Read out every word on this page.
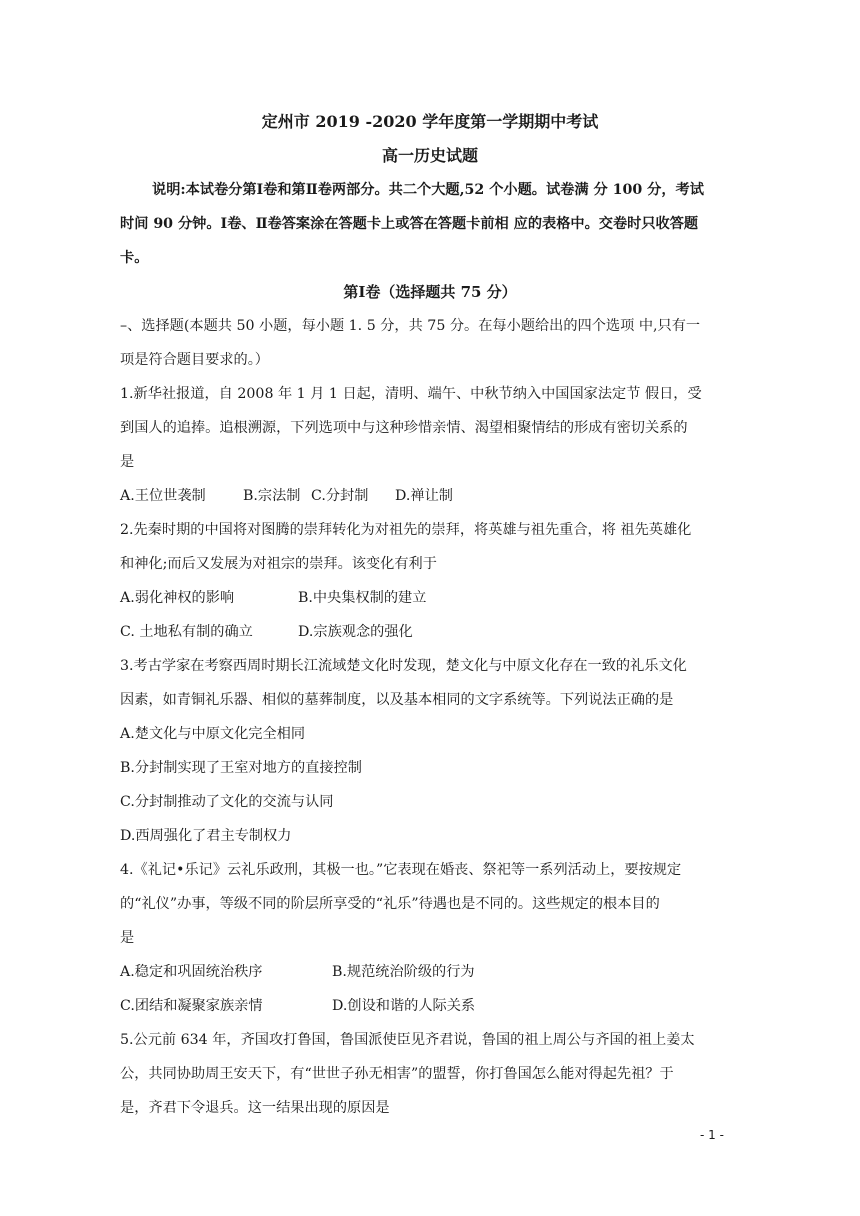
定州市 2019 -2020 学年度第一学期期中考试
高一历史试题
说明:本试卷分第Ⅰ卷和第Ⅱ卷两部分。共二个大题,52 个小题。试卷满 分 100 分，考试
时间 90 分钟。Ⅰ卷、Ⅱ卷答案涂在答题卡上或答在答题卡前相 应的表格中。交卷时只收答题
卡。
第Ⅰ卷（选择题共 75 分）
–、选择题(本题共 50 小题，每小题 1. 5 分，共 75 分。在每小题给出的四个选项 中,只有一
项是符合题目要求的。）
1.新华社报道，自 2008 年 1 月 1 日起，清明、端午、中秋节纳入中国国家法定节 假日，受
到国人的追捧。追根溯源，下列选项中与这种珍惜亲情、渴望相聚情结的形成有密切关系的
是
A.王位世袭制	B.宗法制 C.分封制 D.禅让制
2.先秦时期的中国将对图腾的崇拜转化为对祖先的崇拜，将英雄与祖先重合，将 祖先英雄化
和神化;而后又发展为对祖宗的崇拜。该变化有利于
A.弱化神权的影响	B.中央集权制的建立
C. 土地私有制的确立	D.宗族观念的强化
3.考古学家在考察西周时期长江流域楚文化时发现，楚文化与中原文化存在一致的礼乐文化
因素，如青铜礼乐器、相似的墓葬制度，以及基本相同的文字系统等。下列说法正确的是
A.楚文化与中原文化完全相同
B.分封制实现了王室对地方的直接控制
C.分封制推动了文化的交流与认同
D.西周强化了君主专制权力
4.《礼记•乐记》云礼乐政刑，其极一也。”它表现在婚丧、祭祀等一系列活动上，要按规定
的“礼仪”办事，等级不同的阶层所享受的“礼乐”待遇也是不同的。这些规定的根本目的
是
A.稳定和巩固统治秩序	B.规范统治阶级的行为
C.团结和凝聚家族亲情	D.创设和谐的人际关系
5.公元前 634 年，齐国攻打鲁国，鲁国派使臣见齐君说，鲁国的祖上周公与齐国的祖上姜太
公，共同协助周王安天下，有“世世子孙无相害”的盟誓，你打鲁国怎么能对得起先祖？于
是，齐君下令退兵。这一结果出现的原因是
- 1 -
